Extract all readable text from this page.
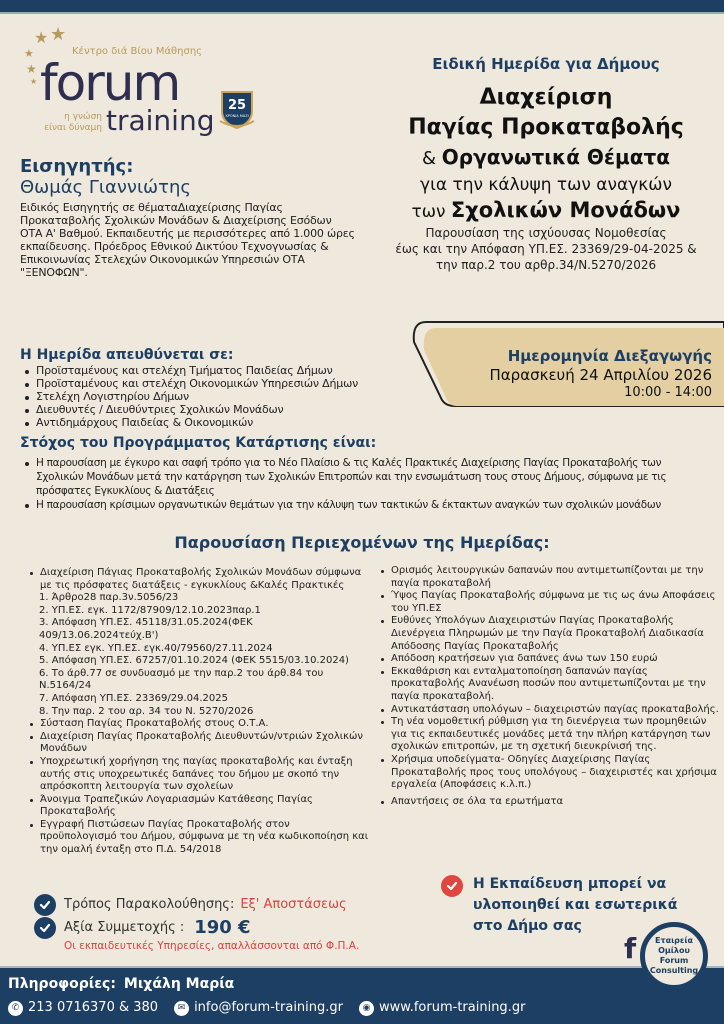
★ ★
★
★
★
Κέντρο διά Βίου Μάθησης
forum
η γνώση
είναι δύναμη training 25
ΧΡΟΝΙΑ ΜΑΖΙ
Ειδική Ημερίδα για Δήμους
Διαχείριση
Παγίας Προκαταβολής
& Οργανωτικά Θέματα
για την κάλυψη των αναγκών
των Σχολικών Μονάδων
Παρουσίαση της ισχύουσας Νομοθεσίας
έως και την Απόφαση ΥΠ.ΕΣ. 23369/29-04-2025 &
την παρ.2 του αρθρ.34/Ν.5270/2026
Εισηγητής:
Θωμάς Γιαννιώτης
Ειδικός Εισηγητής σε θέματαΔιαχείρισης Παγίας Προκαταβολής Σχολικών Μονάδων & Διαχείρισης Εσόδων ΟΤΑ Α' Βαθμού. Εκπαιδευτής με περισσότερες από 1.000 ώρες εκπαίδευσης. Πρόεδρος Εθνικού Δικτύου Τεχνογνωσίας & Επικοινωνίας Στελεχών Οικονομικών Υπηρεσιών ΟΤΑ "ΞΕΝΟΦΩΝ".
Ημερομηνία Διεξαγωγής
Παρασκευή 24 Απριλίου 2026
10:00 - 14:00
Η Ημερίδα απευθύνεται σε:
Προϊσταμένους και στελέχη Τμήματος Παιδείας Δήμων
Προϊσταμένους και στελέχη Οικονομικών Υπηρεσιών Δήμων
Στελέχη Λογιστηρίου Δήμων
Διευθυντές / Διευθύντριες Σχολικών Μονάδων
Αντιδημάρχους Παιδείας & Οικονομικών
Στόχος του Προγράμματος Κατάρτισης είναι:
Η παρουσίαση με έγκυρο και σαφή τρόπο για το Νέο Πλαίσιο & τις Καλές Πρακτικές Διαχείρισης Παγίας Προκαταβολής των Σχολικών Μονάδων μετά την κατάργηση των Σχολικών Επιτροπών και την ενσωμάτωση τους στους Δήμους, σύμφωνα με τις πρόσφατες Εγκυκλίους & Διατάξεις
Η παρουσίαση κρίσιμων οργανωτικών θεμάτων για την κάλυψη των τακτικών & έκτακτων αναγκών των σχολικών μονάδων
Παρουσίαση Περιεχομένων της Ημερίδας:
Διαχείριση Πάγιας Προκαταβολής Σχολικών Μονάδων σύμφωνα με τις πρόσφατες διατάξεις - εγκυκλίους &Καλές Πρακτικές
1. Άρθρο28 παρ.3ν.5056/23
2. ΥΠ.ΕΣ. εγκ. 1172/87909/12.10.2023παρ.1
3. Απόφαση ΥΠ.ΕΣ. 45118/31.05.2024(ΦΕΚ 409/13.06.2024τεύχ.Β')
4. ΥΠ.ΕΣ εγκ. ΥΠ.ΕΣ. εγκ.40/79560/27.11.2024
5. Απόφαση ΥΠ.ΕΣ. 67257/01.10.2024 (ΦΕΚ 5515/03.10.2024)
6. Το άρθ.77 σε συνδυασμό με την παρ.2 του άρθ.84 του Ν.5164/24
7. Απόφαση ΥΠ.ΕΣ. 23369/29.04.2025
8. Την παρ. 2 του αρ. 34 του Ν. 5270/2026
Σύσταση Παγίας Προκαταβολής στους Ο.Τ.Α.
Διαχείριση Παγίας Προκαταβολής Διευθυντών/ντριών Σχολικών Μονάδων
Υποχρεωτική χορήγηση της παγίας προκαταβολής και ένταξη αυτής στις υποχρεωτικές δαπάνες του δήμου με σκοπό την απρόσκοπτη λειτουργία των σχολείων
Άνοιγμα Τραπεζικών Λογαριασμών Κατάθεσης Παγίας Προκαταβολής
Εγγραφή Πιστώσεων Παγίας Προκαταβολής στον προϋπολογισμό του Δήμου, σύμφωνα με τη νέα κωδικοποίηση και την ομαλή ένταξη στο Π.Δ. 54/2018
Ορισμός λειτουργικών δαπανών που αντιμετωπίζονται με την παγία προκαταβολή
Ύψος Παγίας Προκαταβολής σύμφωνα με τις ως άνω Αποφάσεις του ΥΠ.ΕΣ
Ευθύνες Υπολόγων Διαχειριστών Παγίας Προκαταβολής Διενέργεια Πληρωμών με την Παγία Προκαταβολή Διαδικασία Απόδοσης Παγίας Προκαταβολής
Απόδοση κρατήσεων για δαπάνες άνω των 150 ευρώ
Εκκαθάριση και ενταλματοποίηση δαπανών παγίας προκαταβολής Ανανέωση ποσών που αντιμετωπίζονται με την παγία προκαταβολή.
Αντικατάσταση υπολόγων – διαχειριστών παγίας προκαταβολής.
Τη νέα νομοθετική ρύθμιση για τη διενέργεια των προμηθειών για τις εκπαιδευτικές μονάδες μετά την πλήρη κατάργηση των σχολικών επιτροπών, με τη σχετική διευκρίνισή της.
Χρήσιμα υποδείγματα- Οδηγίες Διαχείρισης Παγίας Προκαταβολής προς τους υπολόγους – διαχειριστές και χρήσιμα εργαλεία (Αποφάσεις κ.λ.π.)
Απαντήσεις σε όλα τα ερωτήματα
Τρόπος Παρακολούθησης: Εξ' Αποστάσεως
Αξία Συμμετοχής : 190 €
Οι εκπαιδευτικές Υπηρεσίες, απαλλάσσονται από Φ.Π.Α.
Η Εκπαίδευση μπορεί να
υλοποιηθεί και εσωτερικά
στο Δήμο σας
Πληροφορίες: Μιχάλη Μαρία
✆ 213 0716370 & 380	✉ info@forum-training.gr	◉ www.forum-training.gr
f	Εταιρεία
Ομίλου
Forum
Consulting
